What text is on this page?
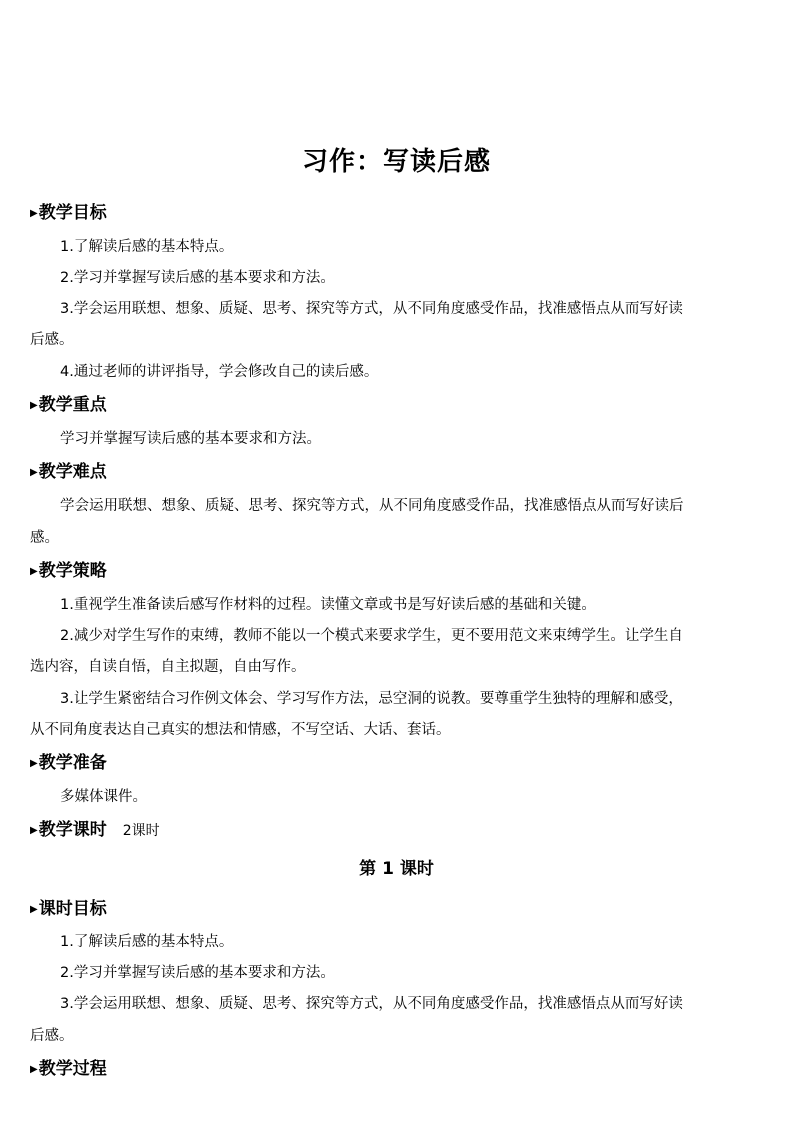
习作：写读后感
▶教学目标
1.了解读后感的基本特点。
2.学习并掌握写读后感的基本要求和方法。
3.学会运用联想、想象、质疑、思考、探究等方式，从不同角度感受作品，找准感悟点从而写好读
后感。
4.通过老师的讲评指导，学会修改自己的读后感。
▶教学重点
学习并掌握写读后感的基本要求和方法。
▶教学难点
学会运用联想、想象、质疑、思考、探究等方式，从不同角度感受作品，找准感悟点从而写好读后
感。
▶教学策略
1.重视学生准备读后感写作材料的过程。读懂文章或书是写好读后感的基础和关键。
2.减少对学生写作的束缚，教师不能以一个模式来要求学生，更不要用范文来束缚学生。让学生自
选内容，自读自悟，自主拟题，自由写作。
3.让学生紧密结合习作例文体会、学习写作方法，忌空洞的说教。要尊重学生独特的理解和感受，
从不同角度表达自己真实的想法和情感，不写空话、大话、套话。
▶教学准备
多媒体课件。
▶教学课时 2课时
第 1 课时
▶课时目标
1.了解读后感的基本特点。
2.学习并掌握写读后感的基本要求和方法。
3.学会运用联想、想象、质疑、思考、探究等方式，从不同角度感受作品，找准感悟点从而写好读
后感。
▶教学过程
